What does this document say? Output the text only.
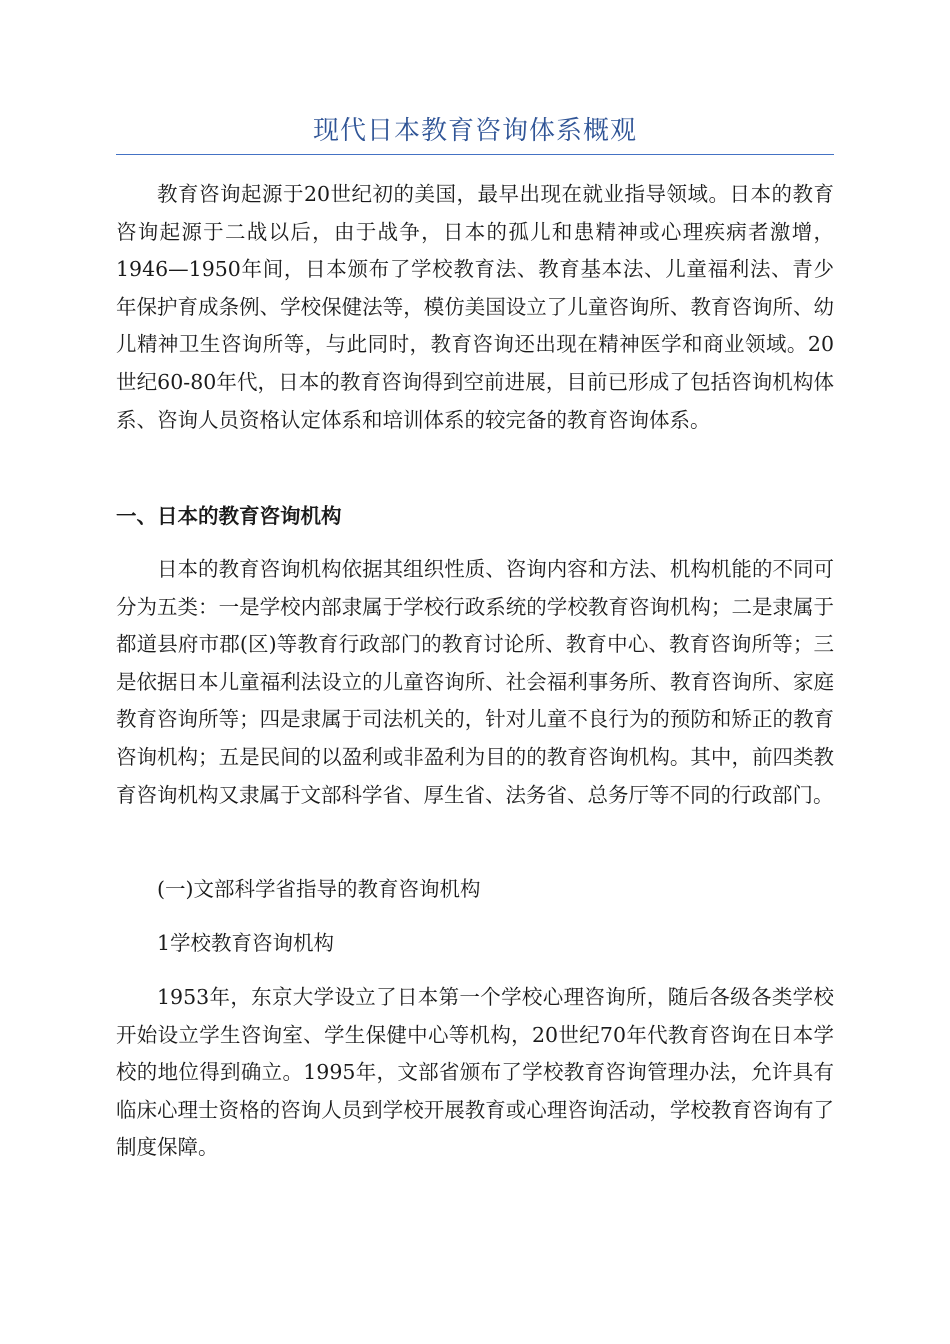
现代日本教育咨询体系概观

教育咨询起源于20世纪初的美国，最早出现在就业指导领域。日本的教育咨询起源于二战以后，由于战争，日本的孤儿和患精神或心理疾病者激增，1946—1950年间，日本颁布了学校教育法、教育基本法、儿童福利法、青少年保护育成条例、学校保健法等，模仿美国设立了儿童咨询所、教育咨询所、幼儿精神卫生咨询所等，与此同时，教育咨询还出现在精神医学和商业领域。20世纪60-80年代，日本的教育咨询得到空前进展，目前已形成了包括咨询机构体系、咨询人员资格认定体系和培训体系的较完备的教育咨询体系。

一、日本的教育咨询机构

日本的教育咨询机构依据其组织性质、咨询内容和方法、机构机能的不同可分为五类：一是学校内部隶属于学校行政系统的学校教育咨询机构；二是隶属于都道县府市郡(区)等教育行政部门的教育讨论所、教育中心、教育咨询所等；三是依据日本儿童福利法设立的儿童咨询所、社会福利事务所、教育咨询所、家庭教育咨询所等；四是隶属于司法机关的，针对儿童不良行为的预防和矫正的教育咨询机构；五是民间的以盈利或非盈利为目的的教育咨询机构。其中，前四类教育咨询机构又隶属于文部科学省、厚生省、法务省、总务厅等不同的行政部门。

(一)文部科学省指导的教育咨询机构

1学校教育咨询机构

1953年，东京大学设立了日本第一个学校心理咨询所，随后各级各类学校开始设立学生咨询室、学生保健中心等机构，20世纪70年代教育咨询在日本学校的地位得到确立。1995年，文部省颁布了学校教育咨询管理办法，允许具有临床心理士资格的咨询人员到学校开展教育或心理咨询活动，学校教育咨询有了制度保障。
